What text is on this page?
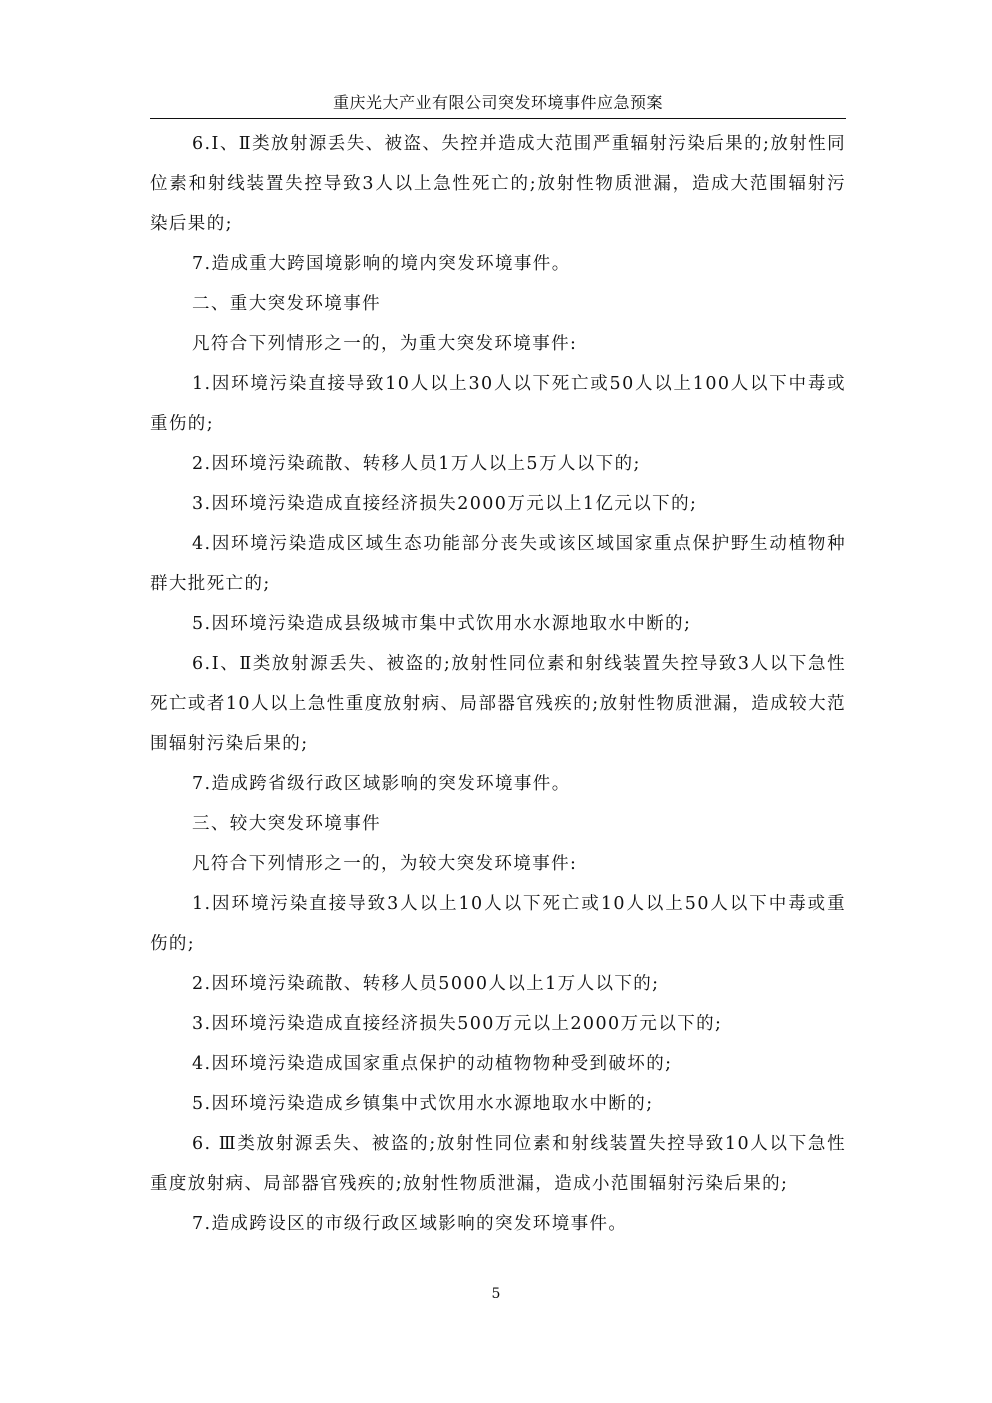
重庆光大产业有限公司突发环境事件应急预案

6.Ⅰ、Ⅱ类放射源丢失、被盗、失控并造成大范围严重辐射污染后果的;放射性同位素和射线装置失控导致3人以上急性死亡的;放射性物质泄漏，造成大范围辐射污染后果的;

7.造成重大跨国境影响的境内突发环境事件。

二、重大突发环境事件

凡符合下列情形之一的，为重大突发环境事件:

1.因环境污染直接导致10人以上30人以下死亡或50人以上100人以下中毒或重伤的;

2.因环境污染疏散、转移人员1万人以上5万人以下的;

3.因环境污染造成直接经济损失2000万元以上1亿元以下的;

4.因环境污染造成区域生态功能部分丧失或该区域国家重点保护野生动植物种群大批死亡的;

5.因环境污染造成县级城市集中式饮用水水源地取水中断的;

6.Ⅰ、Ⅱ类放射源丢失、被盗的;放射性同位素和射线装置失控导致3人以下急性死亡或者10人以上急性重度放射病、局部器官残疾的;放射性物质泄漏，造成较大范围辐射污染后果的;

7.造成跨省级行政区域影响的突发环境事件。

三、较大突发环境事件

凡符合下列情形之一的，为较大突发环境事件:

1.因环境污染直接导致3人以上10人以下死亡或10人以上50人以下中毒或重伤的;

2.因环境污染疏散、转移人员5000人以上1万人以下的;

3.因环境污染造成直接经济损失500万元以上2000万元以下的;

4.因环境污染造成国家重点保护的动植物物种受到破坏的;

5.因环境污染造成乡镇集中式饮用水水源地取水中断的;

6. Ⅲ类放射源丢失、被盗的;放射性同位素和射线装置失控导致10人以下急性重度放射病、局部器官残疾的;放射性物质泄漏，造成小范围辐射污染后果的;

7.造成跨设区的市级行政区域影响的突发环境事件。

5
